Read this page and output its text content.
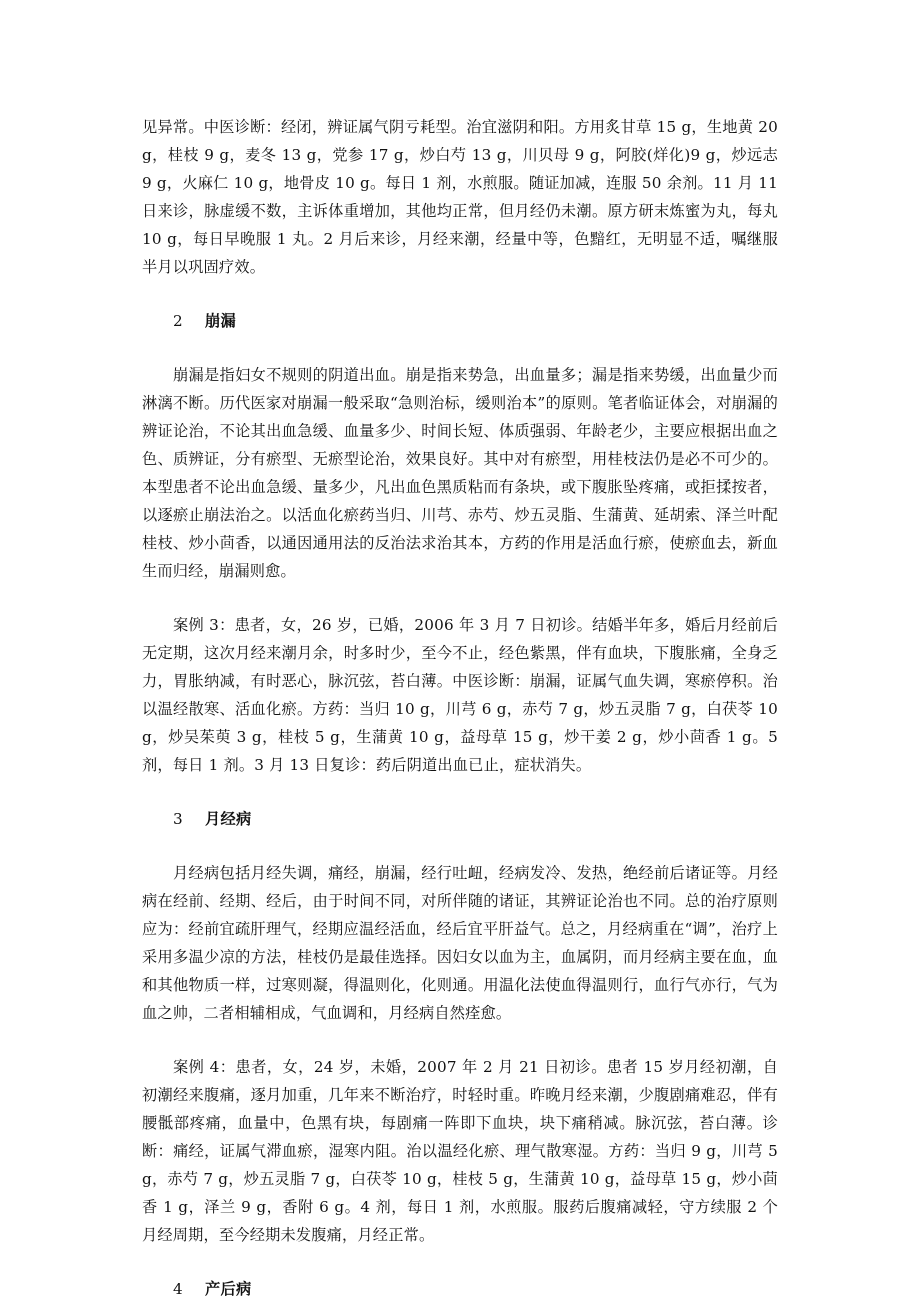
见异常。中医诊断：经闭，辨证属气阴亏耗型。治宜滋阴和阳。方用炙甘草 15 g，生地黄 20 g，桂枝 9 g，麦冬 13 g，党参 17 g，炒白芍 13 g，川贝母 9 g，阿胶(烊化)9 g，炒远志 9 g，火麻仁 10 g，地骨皮 10 g。每日 1 剂，水煎服。随证加减，连服 50 余剂。11 月 11 日来诊，脉虚缓不数，主诉体重增加，其他均正常，但月经仍未潮。原方研末炼蜜为丸，每丸 10 g，每日早晚服 1 丸。2 月后来诊，月经来潮，经量中等，色黯红，无明显不适，嘱继服半月以巩固疗效。

2 崩漏

崩漏是指妇女不规则的阴道出血。崩是指来势急，出血量多；漏是指来势缓，出血量少而淋漓不断。历代医家对崩漏一般采取“急则治标，缓则治本”的原则。笔者临证体会，对崩漏的辨证论治，不论其出血急缓、血量多少、时间长短、体质强弱、年龄老少，主要应根据出血之色、质辨证，分有瘀型、无瘀型论治，效果良好。其中对有瘀型，用桂枝法仍是必不可少的。本型患者不论出血急缓、量多少，凡出血色黑质粘而有条块，或下腹胀坠疼痛，或拒揉按者，以逐瘀止崩法治之。以活血化瘀药当归、川芎、赤芍、炒五灵脂、生蒲黄、延胡索、泽兰叶配桂枝、炒小茴香，以通因通用法的反治法求治其本，方药的作用是活血行瘀，使瘀血去，新血生而归经，崩漏则愈。

案例 3：患者，女，26 岁，已婚，2006 年 3 月 7 日初诊。结婚半年多，婚后月经前后无定期，这次月经来潮月余，时多时少，至今不止，经色紫黑，伴有血块，下腹胀痛，全身乏力，胃胀纳减，有时恶心，脉沉弦，苔白薄。中医诊断：崩漏，证属气血失调，寒瘀停积。治以温经散寒、活血化瘀。方药：当归 10 g，川芎 6 g，赤芍 7 g，炒五灵脂 7 g，白茯苓 10 g，炒吴茱萸 3 g，桂枝 5 g，生蒲黄 10 g，益母草 15 g，炒干姜 2 g，炒小茴香 1 g。5 剂，每日 1 剂。3 月 13 日复诊：药后阴道出血已止，症状消失。

3 月经病

月经病包括月经失调，痛经，崩漏，经行吐衄，经病发冷、发热，绝经前后诸证等。月经病在经前、经期、经后，由于时间不同，对所伴随的诸证，其辨证论治也不同。总的治疗原则应为：经前宜疏肝理气，经期应温经活血，经后宜平肝益气。总之，月经病重在“调”，治疗上采用多温少凉的方法，桂枝仍是最佳选择。因妇女以血为主，血属阴，而月经病主要在血，血和其他物质一样，过寒则凝，得温则化，化则通。用温化法使血得温则行，血行气亦行，气为血之帅，二者相辅相成，气血调和，月经病自然痊愈。

案例 4：患者，女，24 岁，未婚，2007 年 2 月 21 日初诊。患者 15 岁月经初潮，自初潮经来腹痛，逐月加重，几年来不断治疗，时轻时重。昨晚月经来潮，少腹剧痛难忍，伴有腰骶部疼痛，血量中，色黑有块，每剧痛一阵即下血块，块下痛稍减。脉沉弦，苔白薄。诊断：痛经，证属气滞血瘀，湿寒内阻。治以温经化瘀、理气散寒湿。方药：当归 9 g，川芎 5 g，赤芍 7 g，炒五灵脂 7 g，白茯苓 10 g，桂枝 5 g，生蒲黄 10 g，益母草 15 g，炒小茴香 1 g，泽兰 9 g，香附 6 g。4 剂，每日 1 剂，水煎服。服药后腹痛减轻，守方续服 2 个月经周期，至今经期未发腹痛，月经正常。

4 产后病
